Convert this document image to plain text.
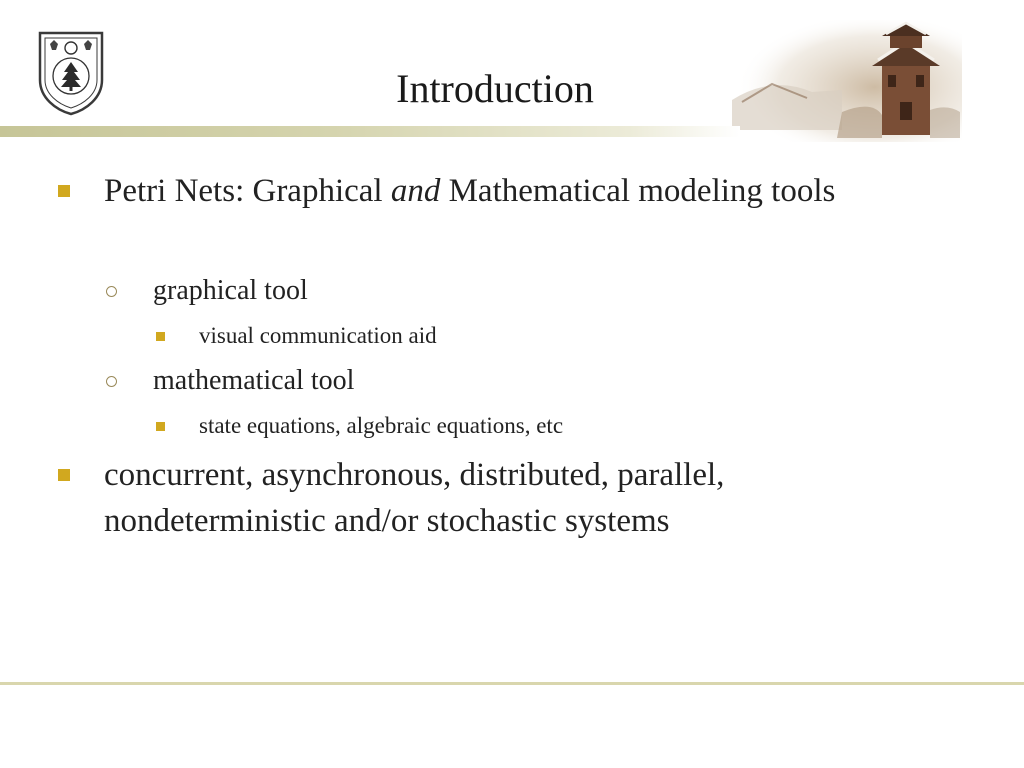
Introduction
Petri Nets: Graphical and Mathematical modeling tools
graphical tool
visual communication aid
mathematical tool
state equations, algebraic equations, etc
concurrent, asynchronous, distributed, parallel, nondeterministic and/or stochastic systems
